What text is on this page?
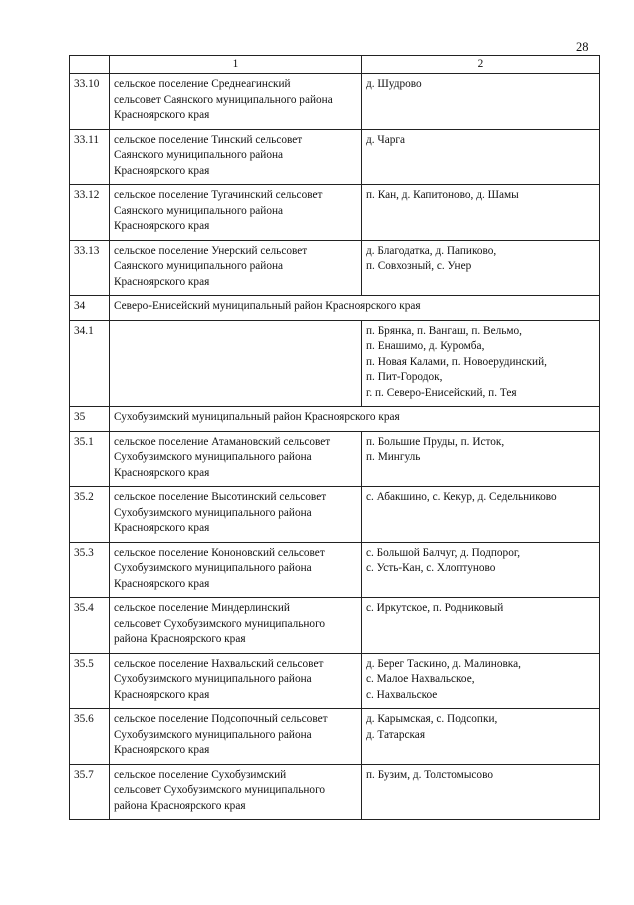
28
	1	2
33.10	сельское поселение Среднеагинский
сельсовет Саянского муниципального района
Красноярского края	д. Шудрово

33.11	сельское поселение Тинский сельсовет
Саянского муниципального района
Красноярского края	д. Чарга

33.12	сельское поселение Тугачинский сельсовет
Саянского муниципального района
Красноярского края	п. Кан, д. Капитоново, д. Шамы

33.13	сельское поселение Унерский сельсовет
Саянского муниципального района
Красноярского края	д. Благодатка, д. Папиково,
п. Совхозный, с. Унер

34	Северо-Енисейский муниципальный район Красноярского края	
34.1		п. Брянка, п. Вангаш, п. Вельмо,
п. Енашимо, д. Куромба,
п. Новая Калами, п. Новоерудинский,
п. Пит-Городок,
г. п. Северо-Енисейский, п. Тея

35	Сухобузимский муниципальный район Красноярского края	
35.1	сельское поселение Атамановский сельсовет
Сухобузимского муниципального района
Красноярского края	п. Большие Пруды, п. Исток,
п. Мингуль

35.2	сельское поселение Высотинский сельсовет
Сухобузимского муниципального района
Красноярского края	с. Абакшино, с. Кекур, д. Седельниково

35.3	сельское поселение Кононовский сельсовет
Сухобузимского муниципального района
Красноярского края	с. Большой Балчуг, д. Подпорог,
с. Усть-Кан, с. Хлоптуново

35.4	сельское поселение Миндерлинский
сельсовет Сухобузимского муниципального
района Красноярского края	с. Иркутское, п. Родниковый

35.5	сельское поселение Нахвальский сельсовет
Сухобузимского муниципального района
Красноярского края	д. Берег Таскино, д. Малиновка,
с. Малое Нахвальское,
с. Нахвальское

35.6	сельское поселение Подсопочный сельсовет
Сухобузимского муниципального района
Красноярского края	д. Карымская, с. Подсопки,
д. Татарская

35.7	сельское поселение Сухобузимский
сельсовет Сухобузимского муниципального
района Красноярского края	п. Бузим, д. Толстомысово
